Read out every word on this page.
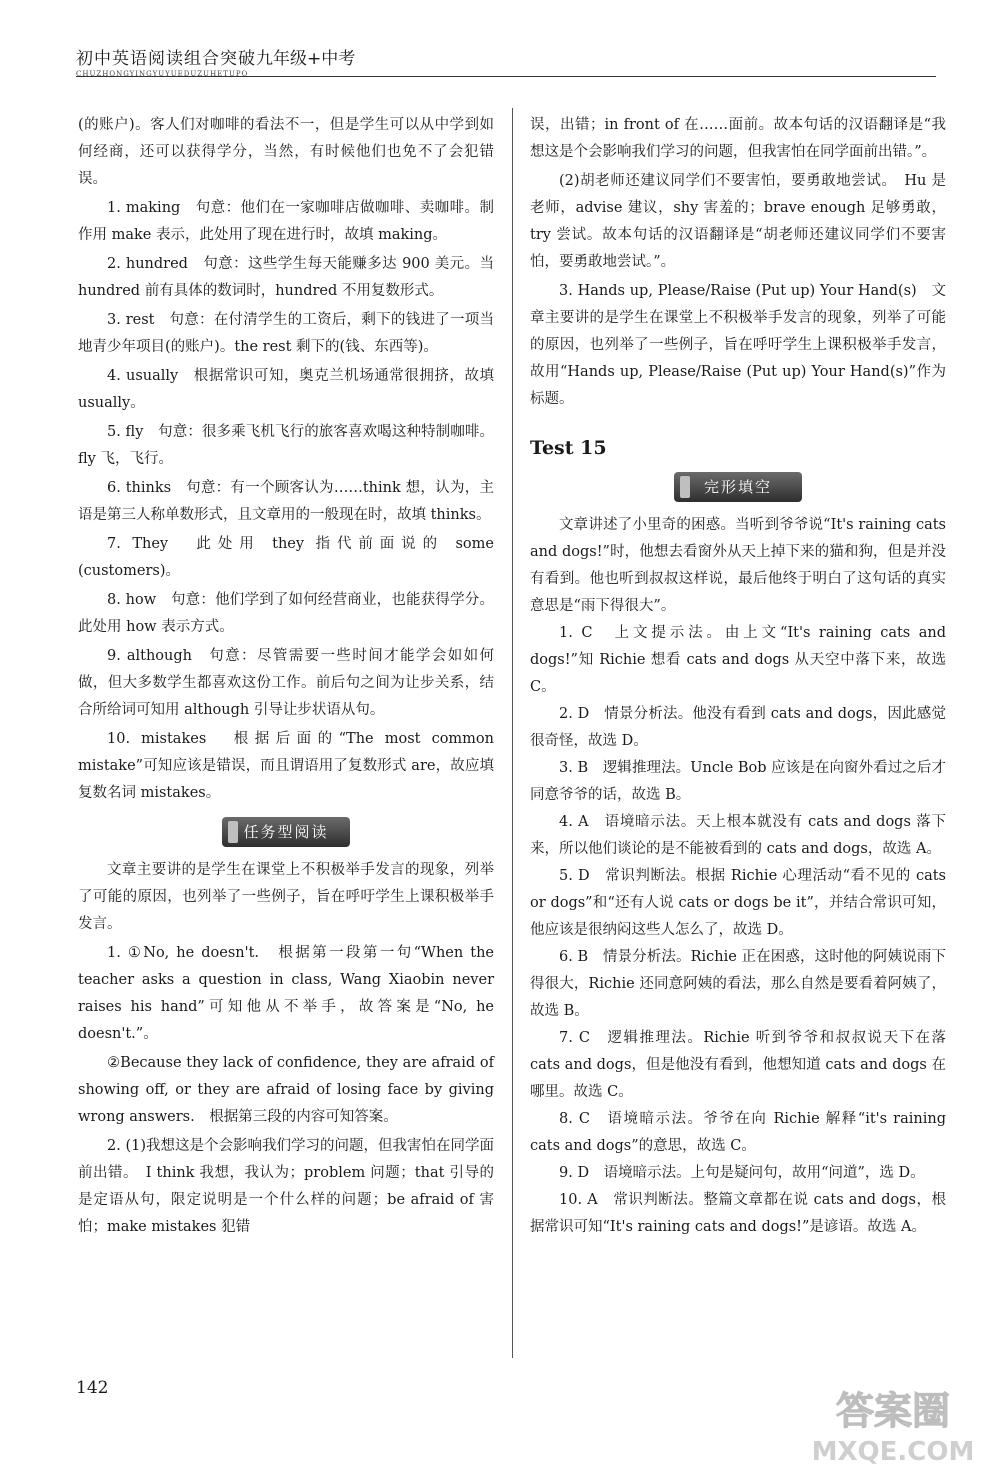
初中英语阅读组合突破九年级+中考
CHUZHONGYINGYUYUEDUZUHETUPO

(的账户)。客人们对咖啡的看法不一，但是学生可以从中学到如何经商，还可以获得学分，当然，有时候他们也免不了会犯错误。

1. making　句意：他们在一家咖啡店做咖啡、卖咖啡。制作用 make 表示，此处用了现在进行时，故填 making。

2. hundred　句意：这些学生每天能赚多达 900 美元。当 hundred 前有具体的数词时，hundred 不用复数形式。

3. rest　句意：在付清学生的工资后，剩下的钱进了一项当地青少年项目(的账户)。the rest 剩下的(钱、东西等)。

4. usually　根据常识可知，奥克兰机场通常很拥挤，故填 usually。

5. fly　句意：很多乘飞机飞行的旅客喜欢喝这种特制咖啡。fly 飞，飞行。

6. thinks　句意：有一个顾客认为……think 想，认为，主语是第三人称单数形式，且文章用的一般现在时，故填 thinks。

7. They　此处用 they 指代前面说的 some (customers)。

8. how　句意：他们学到了如何经营商业，也能获得学分。此处用 how 表示方式。

9. although　句意：尽管需要一些时间才能学会如如何做，但大多数学生都喜欢这份工作。前后句之间为让步关系，结合所给词可知用 although 引导让步状语从句。

10. mistakes　根据后面的“The most common mistake”可知应该是错误，而且谓语用了复数形式 are，故应填复数名词 mistakes。

任务型阅读

文章主要讲的是学生在课堂上不积极举手发言的现象，列举了可能的原因，也列举了一些例子，旨在呼吁学生上课积极举手发言。

1. ①No, he doesn't.　根据第一段第一句“When the teacher asks a question in class, Wang Xiaobin never raises his hand”可知他从不举手，故答案是“No, he doesn't.”。

②Because they lack of confidence, they are afraid of showing off, or they are afraid of losing face by giving wrong answers.　根据第三段的内容可知答案。

2. (1)我想这是个会影响我们学习的问题，但我害怕在同学面前出错。　I think 我想，我认为；problem 问题；that 引导的是定语从句，限定说明是一个什么样的问题；be afraid of 害怕；make mistakes 犯错

误，出错；in front of 在……面前。故本句话的汉语翻译是“我想这是个会影响我们学习的问题，但我害怕在同学面前出错。”。

(2)胡老师还建议同学们不要害怕，要勇敢地尝试。　Hu 是老师，advise 建议，shy 害羞的；brave enough 足够勇敢，try 尝试。故本句话的汉语翻译是“胡老师还建议同学们不要害怕，要勇敢地尝试。”。

3. Hands up, Please/Raise (Put up) Your Hand(s)　文章主要讲的是学生在课堂上不积极举手发言的现象，列举了可能的原因，也列举了一些例子，旨在呼吁学生上课积极举手发言，故用“Hands up, Please/Raise (Put up) Your Hand(s)”作为标题。

Test 15
完形填空

文章讲述了小里奇的困惑。当听到爷爷说“It's raining cats and dogs!”时，他想去看窗外从天上掉下来的猫和狗，但是并没有看到。他也听到叔叔这样说，最后他终于明白了这句话的真实意思是“雨下得很大”。

1. C　上文提示法。由上文“It's raining cats and dogs!”知 Richie 想看 cats and dogs 从天空中落下来，故选 C。

2. D　情景分析法。他没有看到 cats and dogs，因此感觉很奇怪，故选 D。

3. B　逻辑推理法。Uncle Bob 应该是在向窗外看过之后才同意爷爷的话，故选 B。

4. A　语境暗示法。天上根本就没有 cats and dogs 落下来，所以他们谈论的是不能被看到的 cats and dogs，故选 A。

5. D　常识判断法。根据 Richie 心理活动“看不见的 cats or dogs”和“还有人说 cats or dogs be it”，并结合常识可知，他应该是很纳闷这些人怎么了，故选 D。

6. B　情景分析法。Richie 正在困惑，这时他的阿姨说雨下得很大，Richie 还同意阿姨的看法，那么自然是要看着阿姨了，故选 B。

7. C　逻辑推理法。Richie 听到爷爷和叔叔说天下在落 cats and dogs，但是他没有看到，他想知道 cats and dogs 在哪里。故选 C。

8. C　语境暗示法。爷爷在向 Richie 解释“it's raining cats and dogs”的意思，故选 C。

9. D　语境暗示法。上句是疑问句，故用“问道”，选 D。

10. A　常识判断法。整篇文章都在说 cats and dogs，根据常识可知“It's raining cats and dogs!”是谚语。故选 A。

142
答案圈
MXQE.COM
